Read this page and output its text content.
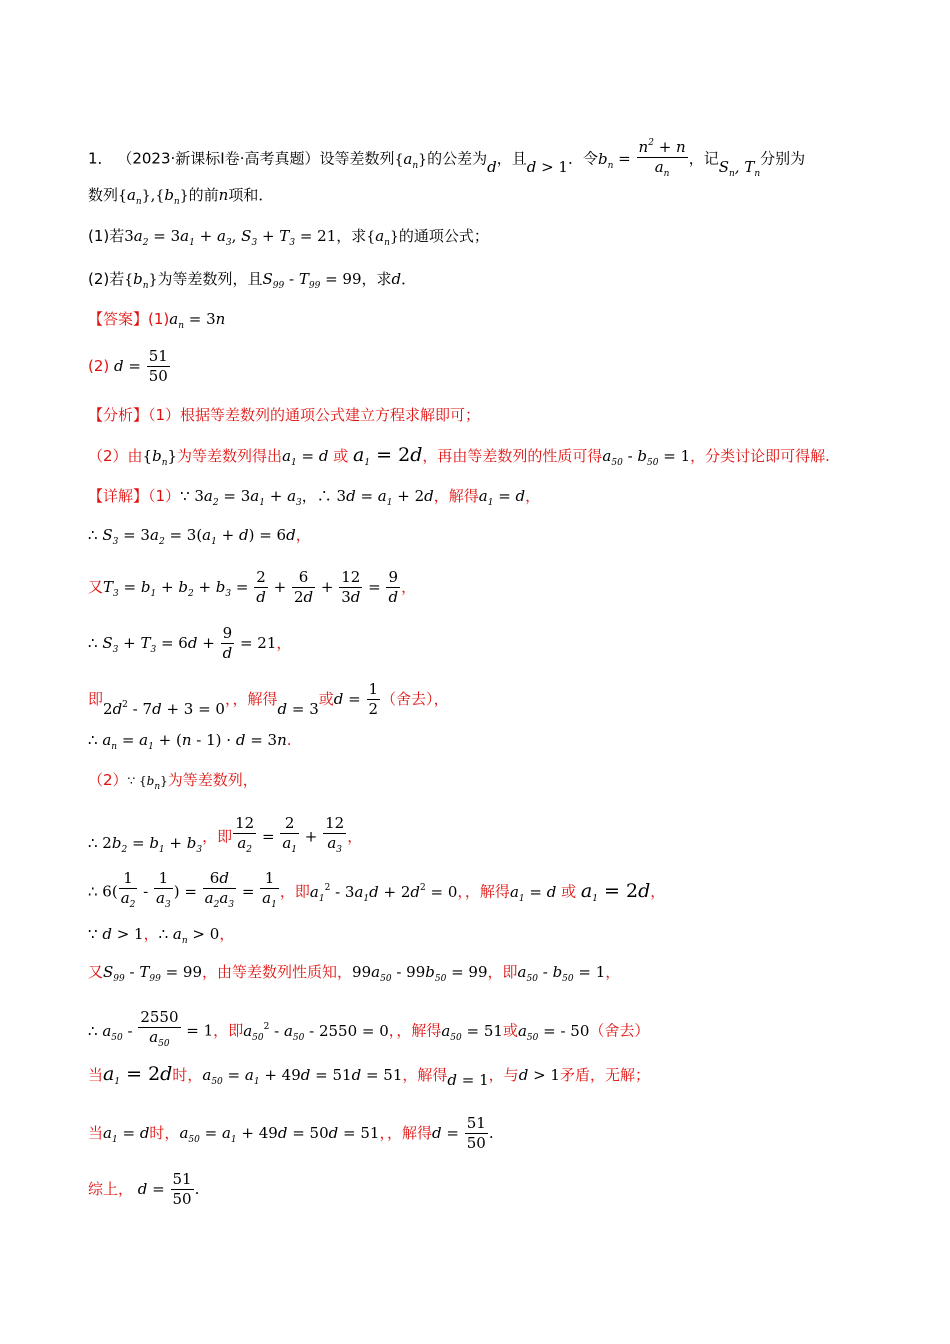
1． （2023·新课标Ⅰ卷·高考真题）设等差数列$\{a_n\}$的公差为d，且d > 1．令$b_n = \frac{n^2 + n}{a_n}$ ，记$S_n$, $T_n$分别为
数列$\{a_n\},\{b_n\}$的前n项和．
(1)若$3a_2 = 3a_1 + a_3$, $S_3 + T_3 = 21$，求$\{a_n\}$的通项公式；
(2)若$\{b_n\}$为等差数列，且$S_{99} - T_{99} = 99$，求d．
【答案】$(1)a_n = 3n$
(2) $d = \frac{51}{50}$
【分析】（1）根据等差数列的通项公式建立方程求解即可；
（2）由$\{b_n\}$为等差数列得出$a_1 = d$ 或 $a_1 = 2d$，再由等差数列的性质可得$a_{50} - b_{50} = 1$，分类讨论即可得解.
【详解】（1）∵ $3a_2 = 3a_1 + a_3$，∴ $3d = a_1 + 2d$，解得$a_1 = d$，
∴ $S_3 = 3a_2 = 3(a_1 + d) = 6d$，
又$T_3 = b_1 + b_2 + b_3 = \frac{2}{d} + \frac{6}{2d} + \frac{12}{3d} = \frac{9}{d}$ ，
∴ $S_3 + T_3 = 6d + \frac{9}{d} = 21$，
即$2d^2 - 7d + 3 = 0$，，解得d = 3或$d = \frac{1}{2}$ （舍去），
∴ $a_n = a_1 + (n - 1) \cdot d = 3n$.
（2）∵ $\{b_n\}$为等差数列，
∴ $2b_2 = b_1 + b_3$，即 $\frac{12}{a_2} = \frac{2}{a_1} + \frac{12}{a_3}$ ，
∴ $6( \frac{1}{a_2} - \frac{1}{a_3}$ ) = $\frac{6d}{a_2a_3} = \frac{1}{a_1}$ ，即$a_1^2 - 3a_1d + 2d^2 = 0$，，解得$a_1 = d$ 或 $a_1 = 2d$，
∵ d > 1，∴ $a_n > 0$，
又$S_{99} - T_{99} = 99$，由等差数列性质知，$99a_{50} - 99b_{50} = 99$，即$a_{50} - b_{50} = 1$，
∴ $a_{50} - \frac{2550}{a_{50}} = 1$，即$a_{50}^2 - a_{50} - 2550 = 0$，，解得$a_{50} = 51$或$a_{50}$ = - 50（舍去）
当$a_1 = 2d$时，$a_{50} = a_1 + 49d = 51d = 51$，解得d = 1，与d > 1矛盾，无解；
当$a_1 = d$时，$a_{50} = a_1 + 49d = 50d = 51$，，解得$d = \frac{51}{50}$ .
综上， $d = \frac{51}{50}$ .
